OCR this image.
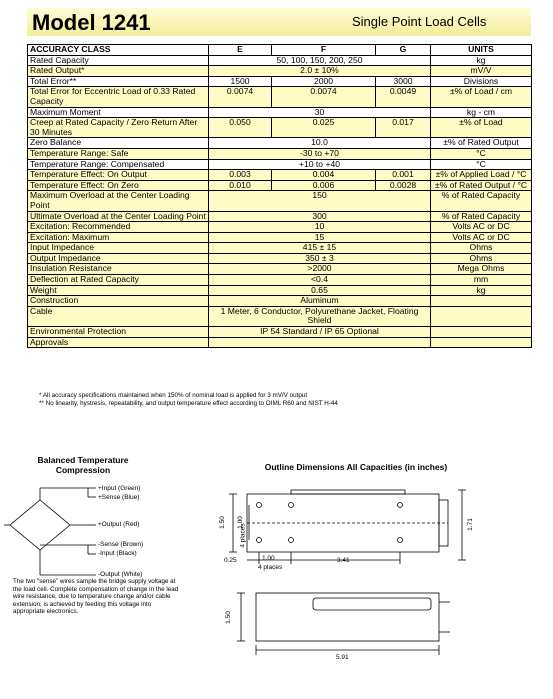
Model 1241	Single Point Load Cells
ACCURACY CLASS	E	F	G	UNITS
Rated Capacity	50, 100, 150, 200, 250			kg
Rated Output*	2.0 ± 10%			mV/V
Total Error**	1500	2000	3000	Divisions
Total Error for Eccentric Load of 0.33 Rated Capacity	0.0074	0.0074	0.0049	±% of Load / cm
Maximum Moment	30			kg - cm
Creep at Rated Capacity / Zero Return After 30 Minutes	0.050	0.025	0.017	±% of Load
Zero Balance	10.0			±% of Rated Output
Temperature Range: Safe	-30 to +70			°C
Temperature Range: Compensated	+10 to +40			°C
Temperature Effect: On Output	0.003	0.004	0.001	±% of Applied Load / °C
Temperature Effect: On Zero	0.010	0.006	0.0028	±% of Rated Output / °C
Maximum Overload at the Center Loading Point	150			% of Rated Capacity
Ultimate Overload at the Center Loading Point	300			% of Rated Capacity
Excitation: Recommended	10			Volts AC or DC
Excitation: Maximum	15			Volts AC or DC
Input Impedance	415 ± 15			Ohms
Output Impedance	350 ± 3			Ohms
Insulation Resistance	>2000			Mega Ohms
Deflection at Rated Capacity	<0.4			mm
Weight	0.65			kg
Construction	Aluminum			
Cable	1 Meter, 6 Conductor, Polyurethane Jacket, Floating Shield			
Environmental Protection	IP 54 Standard / IP 65 Optional			
Approvals				
* All accuracy specifications maintained when 150% of nominal load is applied for 3 mV/V output
** No linearity, hystresis, repeatability, and output temperature effect according to OIML R60 and NIST H-44
Balanced Temperature Compression
+Input (Green)
+Sense (Blue)
+Output (Red)
-Sense (Brown)
-Input (Black)
-Output (White)
The two “sense” wires sample the bridge supply voltage at the load cell. Complete compensation of change in the lead wire resistance, due to temperature change and/or cable extension, is achieved by feeding this voltage into appropriate electronics.
Outline Dimensions All Capacities (in inches)
1.50 1.00
4 places	1.71
0.25	1.00
4 places
3.41
1.50
5.91
